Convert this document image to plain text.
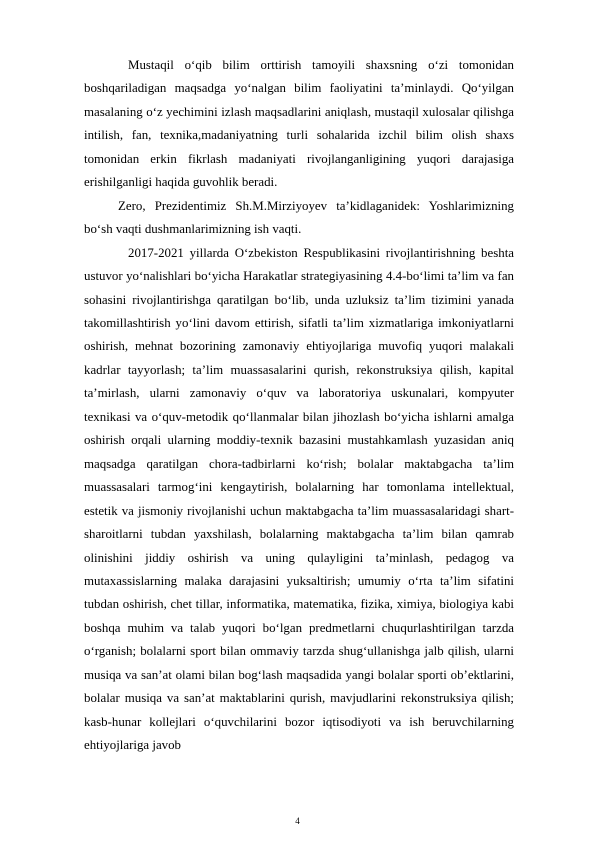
Mustaqil o‘qib bilim orttirish tamoyili shaxsning o‘zi tomonidan boshqariladigan maqsadga yo‘nalgan bilim faoliyatini ta’minlaydi. Qo‘yilgan masalaning o‘z yechimini izlash maqsadlarini aniqlash, mustaqil xulosalar qilishga intilish, fan, texnika,madaniyatning turli sohalarida izchil bilim olish shaxs tomonidan erkin fikrlash madaniyati rivojlanganligining yuqori darajasiga erishilganligi haqida guvohlik beradi.

Zero, Prezidentimiz Sh.M.Mirziyoyev ta’kidlaganidek: Yoshlarimizning bo‘sh vaqti dushmanlarimizning ish vaqti.

2017-2021 yillarda O‘zbekiston Respublikasini rivojlantirishning beshta ustuvor yo‘nalishlari bo‘yicha Harakatlar strategiyasining 4.4-bo‘limi ta’lim va fan sohasini rivojlantirishga qaratilgan bo‘lib, unda uzluksiz ta’lim tizimini yanada takomillashtirish yo‘lini davom ettirish, sifatli ta’lim xizmatlariga imkoniyatlarni oshirish, mehnat bozorining zamonaviy ehtiyojlariga muvofiq yuqori malakali kadrlar tayyorlash; ta’lim muassasalarini qurish, rekonstruksiya qilish, kapital ta’mirlash, ularni zamonaviy o‘quv va laboratoriya uskunalari, kompyuter texnikasi va o‘quv-metodik qo‘llanmalar bilan jihozlash bo‘yicha ishlarni amalga oshirish orqali ularning moddiy-texnik bazasini mustahkamlash yuzasidan aniq maqsadga qaratilgan chora-tadbirlarni ko‘rish; bolalar maktabgacha ta’lim muassasalari tarmog‘ini kengaytirish, bolalarning har tomonlama intellektual, estetik va jismoniy rivojlanishi uchun maktabgacha ta’lim muassasalaridagi shart-sharoitlarni tubdan yaxshilash, bolalarning maktabgacha ta’lim bilan qamrab olinishini jiddiy oshirish va uning qulayligini ta’minlash, pedagog va mutaxassislarning malaka darajasini yuksaltirish; umumiy o‘rta ta’lim sifatini tubdan oshirish, chet tillar, informatika, matematika, fizika, ximiya, biologiya kabi boshqa muhim va talab yuqori bo‘lgan predmetlarni chuqurlashtirilgan tarzda o‘rganish; bolalarni sport bilan ommaviy tarzda shug‘ullanishga jalb qilish, ularni musiqa va san’at olami bilan bog‘lash maqsadida yangi bolalar sporti ob’ektlarini, bolalar musiqa va san’at maktablarini qurish, mavjudlarini rekonstruksiya qilish; kasb-hunar kollejlari o‘quvchilarini bozor iqtisodiyoti va ish beruvchilarning ehtiyojlariga javob

4
